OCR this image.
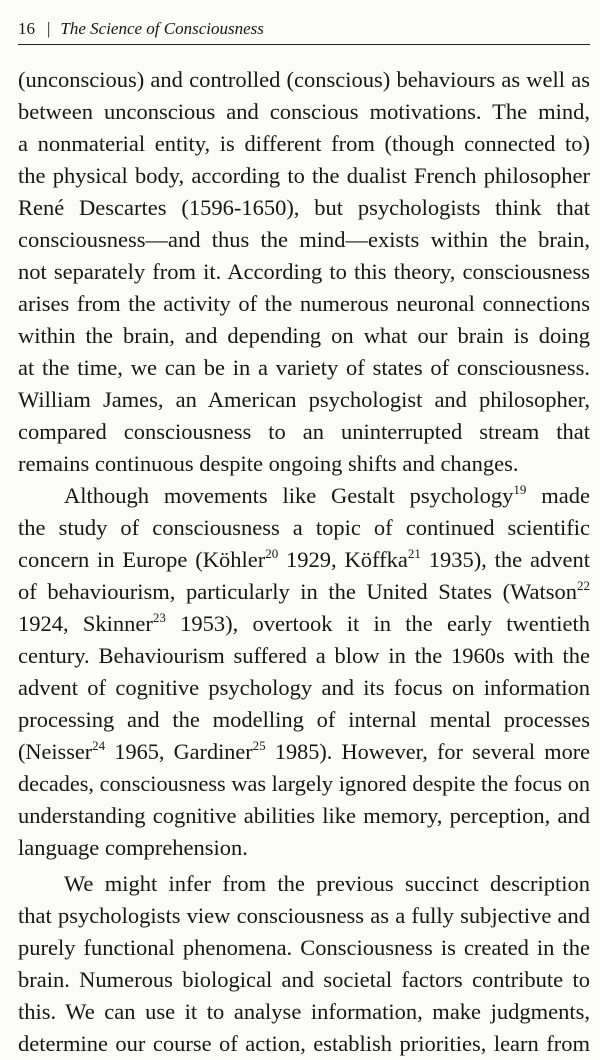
16 | The Science of Consciousness
(unconscious) and controlled (conscious) behaviours as well as
between unconscious and conscious motivations. The mind,
a nonmaterial entity, is different from (though connected to)
the physical body, according to the dualist French philosopher
René Descartes (1596-1650), but psychologists think that
consciousness—and thus the mind—exists within the brain,
not separately from it. According to this theory, consciousness
arises from the activity of the numerous neuronal connections
within the brain, and depending on what our brain is doing
at the time, we can be in a variety of states of consciousness.
William James, an American psychologist and philosopher,
compared consciousness to an uninterrupted stream that
remains continuous despite ongoing shifts and changes.
Although movements like Gestalt psychology$^{19}$ made
the study of consciousness a topic of continued scientific
concern in Europe (Köhler$^{20}$ 1929, Köffka$^{21}$ 1935), the advent
of behaviourism, particularly in the United States (Watson$^{22}$
1924, Skinner$^{23}$ 1953), overtook it in the early twentieth
century. Behaviourism suffered a blow in the 1960s with the
advent of cognitive psychology and its focus on information
processing and the modelling of internal mental processes
(Neisser$^{24}$ 1965, Gardiner$^{25}$ 1985). However, for several more
decades, consciousness was largely ignored despite the focus on
understanding cognitive abilities like memory, perception, and
language comprehension.
We might infer from the previous succinct description
that psychologists view consciousness as a fully subjective and
purely functional phenomena. Consciousness is created in the
brain. Numerous biological and societal factors contribute to
this. We can use it to analyse information, make judgments,
determine our course of action, establish priorities, learn from
